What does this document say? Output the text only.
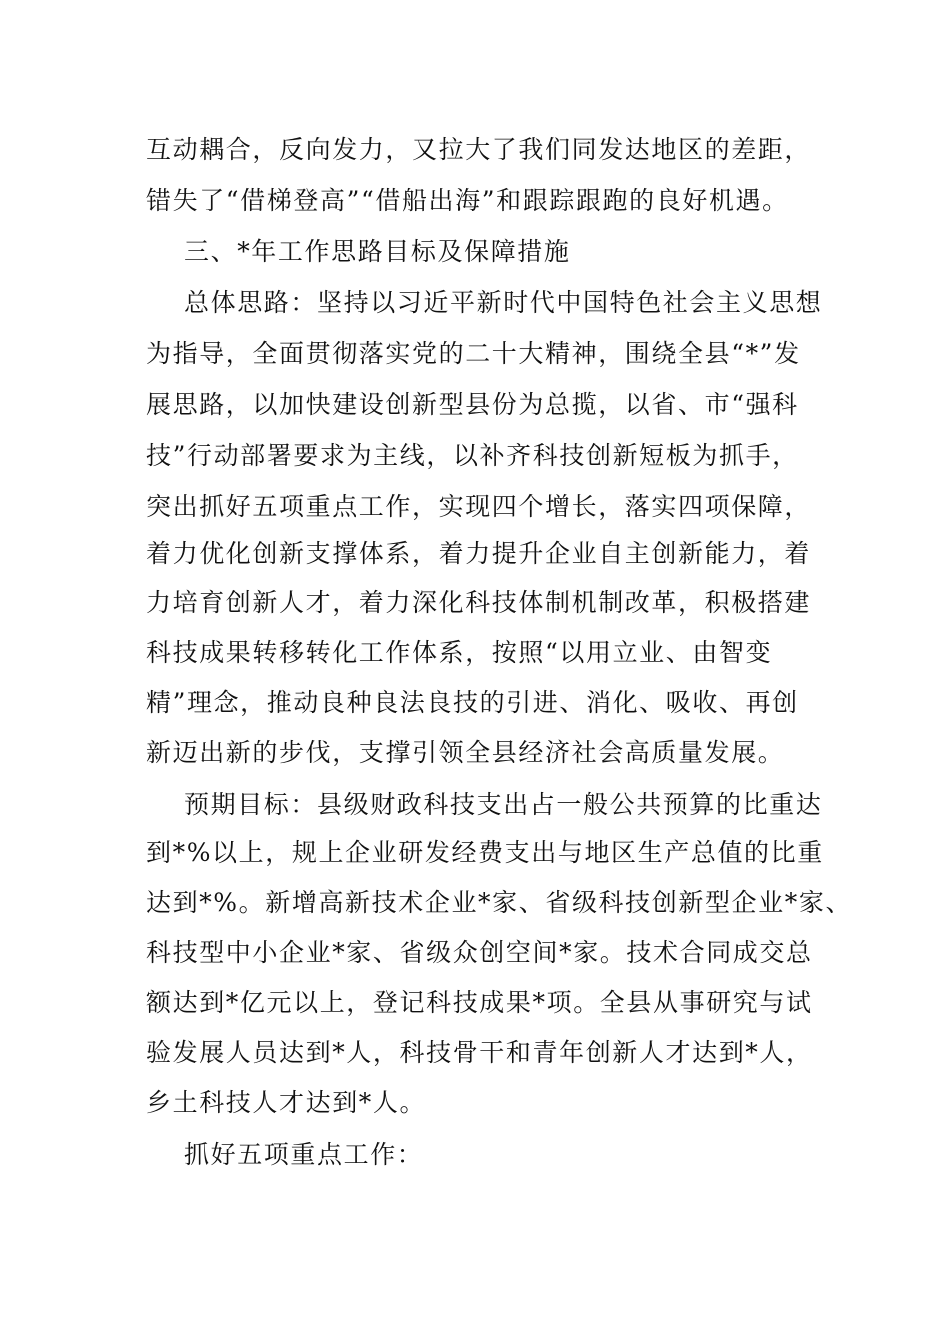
互动耦合，反向发力，又拉大了我们同发达地区的差距，
错失了“借梯登高”“借船出海”和跟踪跟跑的良好机遇。
三、*年工作思路目标及保障措施
总体思路：坚持以习近平新时代中国特色社会主义思想
为指导，全面贯彻落实党的二十大精神，围绕全县“*”发
展思路，以加快建设创新型县份为总揽，以省、市“强科
技”行动部署要求为主线，以补齐科技创新短板为抓手，
突出抓好五项重点工作，实现四个增长，落实四项保障，
着力优化创新支撑体系，着力提升企业自主创新能力，着
力培育创新人才，着力深化科技体制机制改革，积极搭建
科技成果转移转化工作体系，按照“以用立业、由智变
精”理念，推动良种良法良技的引进、消化、吸收、再创
新迈出新的步伐，支撑引领全县经济社会高质量发展。
预期目标：县级财政科技支出占一般公共预算的比重达
到*%以上，规上企业研发经费支出与地区生产总值的比重
达到*%。新增高新技术企业*家、省级科技创新型企业*家、
科技型中小企业*家、省级众创空间*家。技术合同成交总
额达到*亿元以上，登记科技成果*项。全县从事研究与试
验发展人员达到*人，科技骨干和青年创新人才达到*人，
乡土科技人才达到*人。
抓好五项重点工作：
